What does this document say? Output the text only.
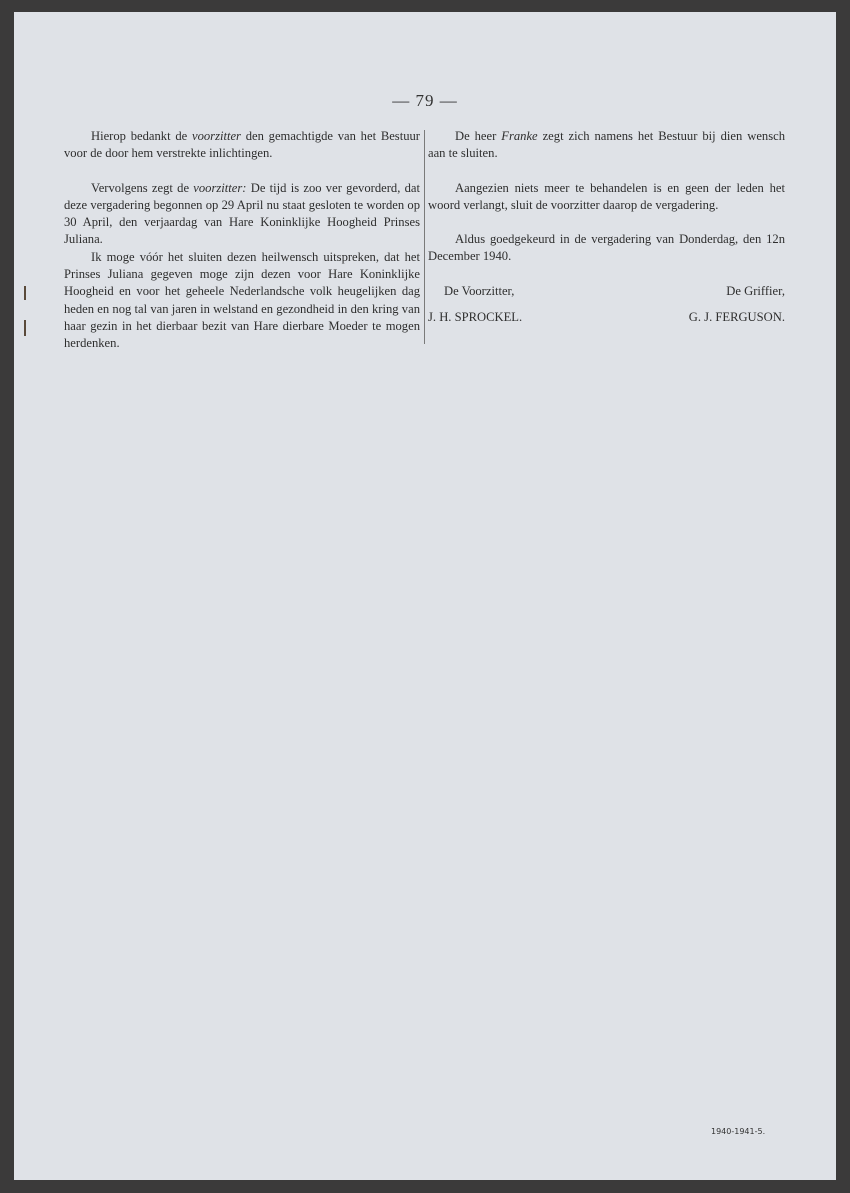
— 79 —

Hierop bedankt de voorzitter den gemachtigde van het Bestuur voor de door hem verstrekte inlichtingen.

Vervolgens zegt de voorzitter: De tijd is zoo ver gevorderd, dat deze vergadering begonnen op 29 April nu staat gesloten te worden op 30 April, den verjaardag van Hare Koninklijke Hoogheid Prinses Juliana.

Ik moge vóór het sluiten dezen heilwensch uitspreken, dat het Prinses Juliana gegeven moge zijn dezen voor Hare Koninklijke Hoogheid en voor het geheele Nederlandsche volk heugelijken dag heden en nog tal van jaren in welstand en gezondheid in den kring van haar gezin in het dierbaar bezit van Hare dierbare Moeder te mogen herdenken.

De heer Franke zegt zich namens het Bestuur bij dien wensch aan te sluiten.

Aangezien niets meer te behandelen is en geen der leden het woord verlangt, sluit de voorzitter daarop de vergadering.

Aldus goedgekeurd in de vergadering van Donderdag, den 12n December 1940.

De Voorzitter,	De Griffier,
J. H. SPROCKEL.	G. J. FERGUSON.
1940-1941-5.
